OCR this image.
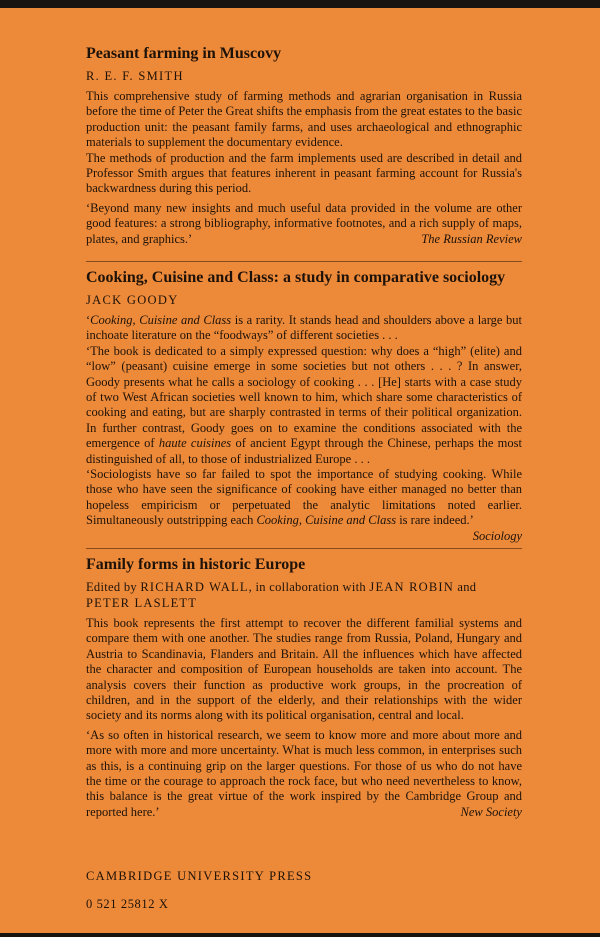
Peasant farming in Muscovy
R. E. F. SMITH

This comprehensive study of farming methods and agrarian organisation in Russia before the time of Peter the Great shifts the emphasis from the great estates to the basic production unit: the peasant family farms, and uses archaeological and ethnographic materials to supplement the documentary evidence.

The methods of production and the farm implements used are described in detail and Professor Smith argues that features inherent in peasant farming account for Russia's backwardness during this period.

‘Beyond many new insights and much useful data provided in the volume are other good features: a strong bibliography, informative footnotes, and a rich supply of maps, plates, and graphics.’	The Russian Review

Cooking, Cuisine and Class: a study in comparative sociology
JACK GOODY

‘Cooking, Cuisine and Class is a rarity. It stands head and shoulders above a large but inchoate literature on the “foodways” of different societies . . .

‘The book is dedicated to a simply expressed question: why does a “high” (elite) and “low” (peasant) cuisine emerge in some societies but not others . . . ? In answer, Goody presents what he calls a sociology of cooking . . . [He] starts with a case study of two West African societies well known to him, which share some characteristics of cooking and eating, but are sharply contrasted in terms of their political organization. In further contrast, Goody goes on to examine the conditions associated with the emergence of haute cuisines of ancient Egypt through the Chinese, perhaps the most distinguished of all, to those of industrialized Europe . . .

‘Sociologists have so far failed to spot the importance of studying cooking. While those who have seen the significance of cooking have either managed no better than hopeless empiricism or perpetuated the analytic limitations noted earlier. Simultaneously outstripping each Cooking, Cuisine and Class is rare indeed.’
Sociology

Family forms in historic Europe
Edited by RICHARD WALL, in collaboration with JEAN ROBIN and
PETER LASLETT

This book represents the first attempt to recover the different familial systems and compare them with one another. The studies range from Russia, Poland, Hungary and Austria to Scandinavia, Flanders and Britain. All the influences which have affected the character and composition of European households are taken into account. The analysis covers their function as productive work groups, in the procreation of children, and in the support of the elderly, and their relationships with the wider society and its norms along with its political organisation, central and local.

‘As so often in historical research, we seem to know more and more about more and more with more and more uncertainty. What is much less common, in enterprises such as this, is a continuing grip on the larger questions. For those of us who do not have the time or the courage to approach the rock face, but who need nevertheless to know, this balance is the great virtue of the work inspired by the Cambridge Group and reported here.’	New Society

CAMBRIDGE UNIVERSITY PRESS
0 521 25812 X
